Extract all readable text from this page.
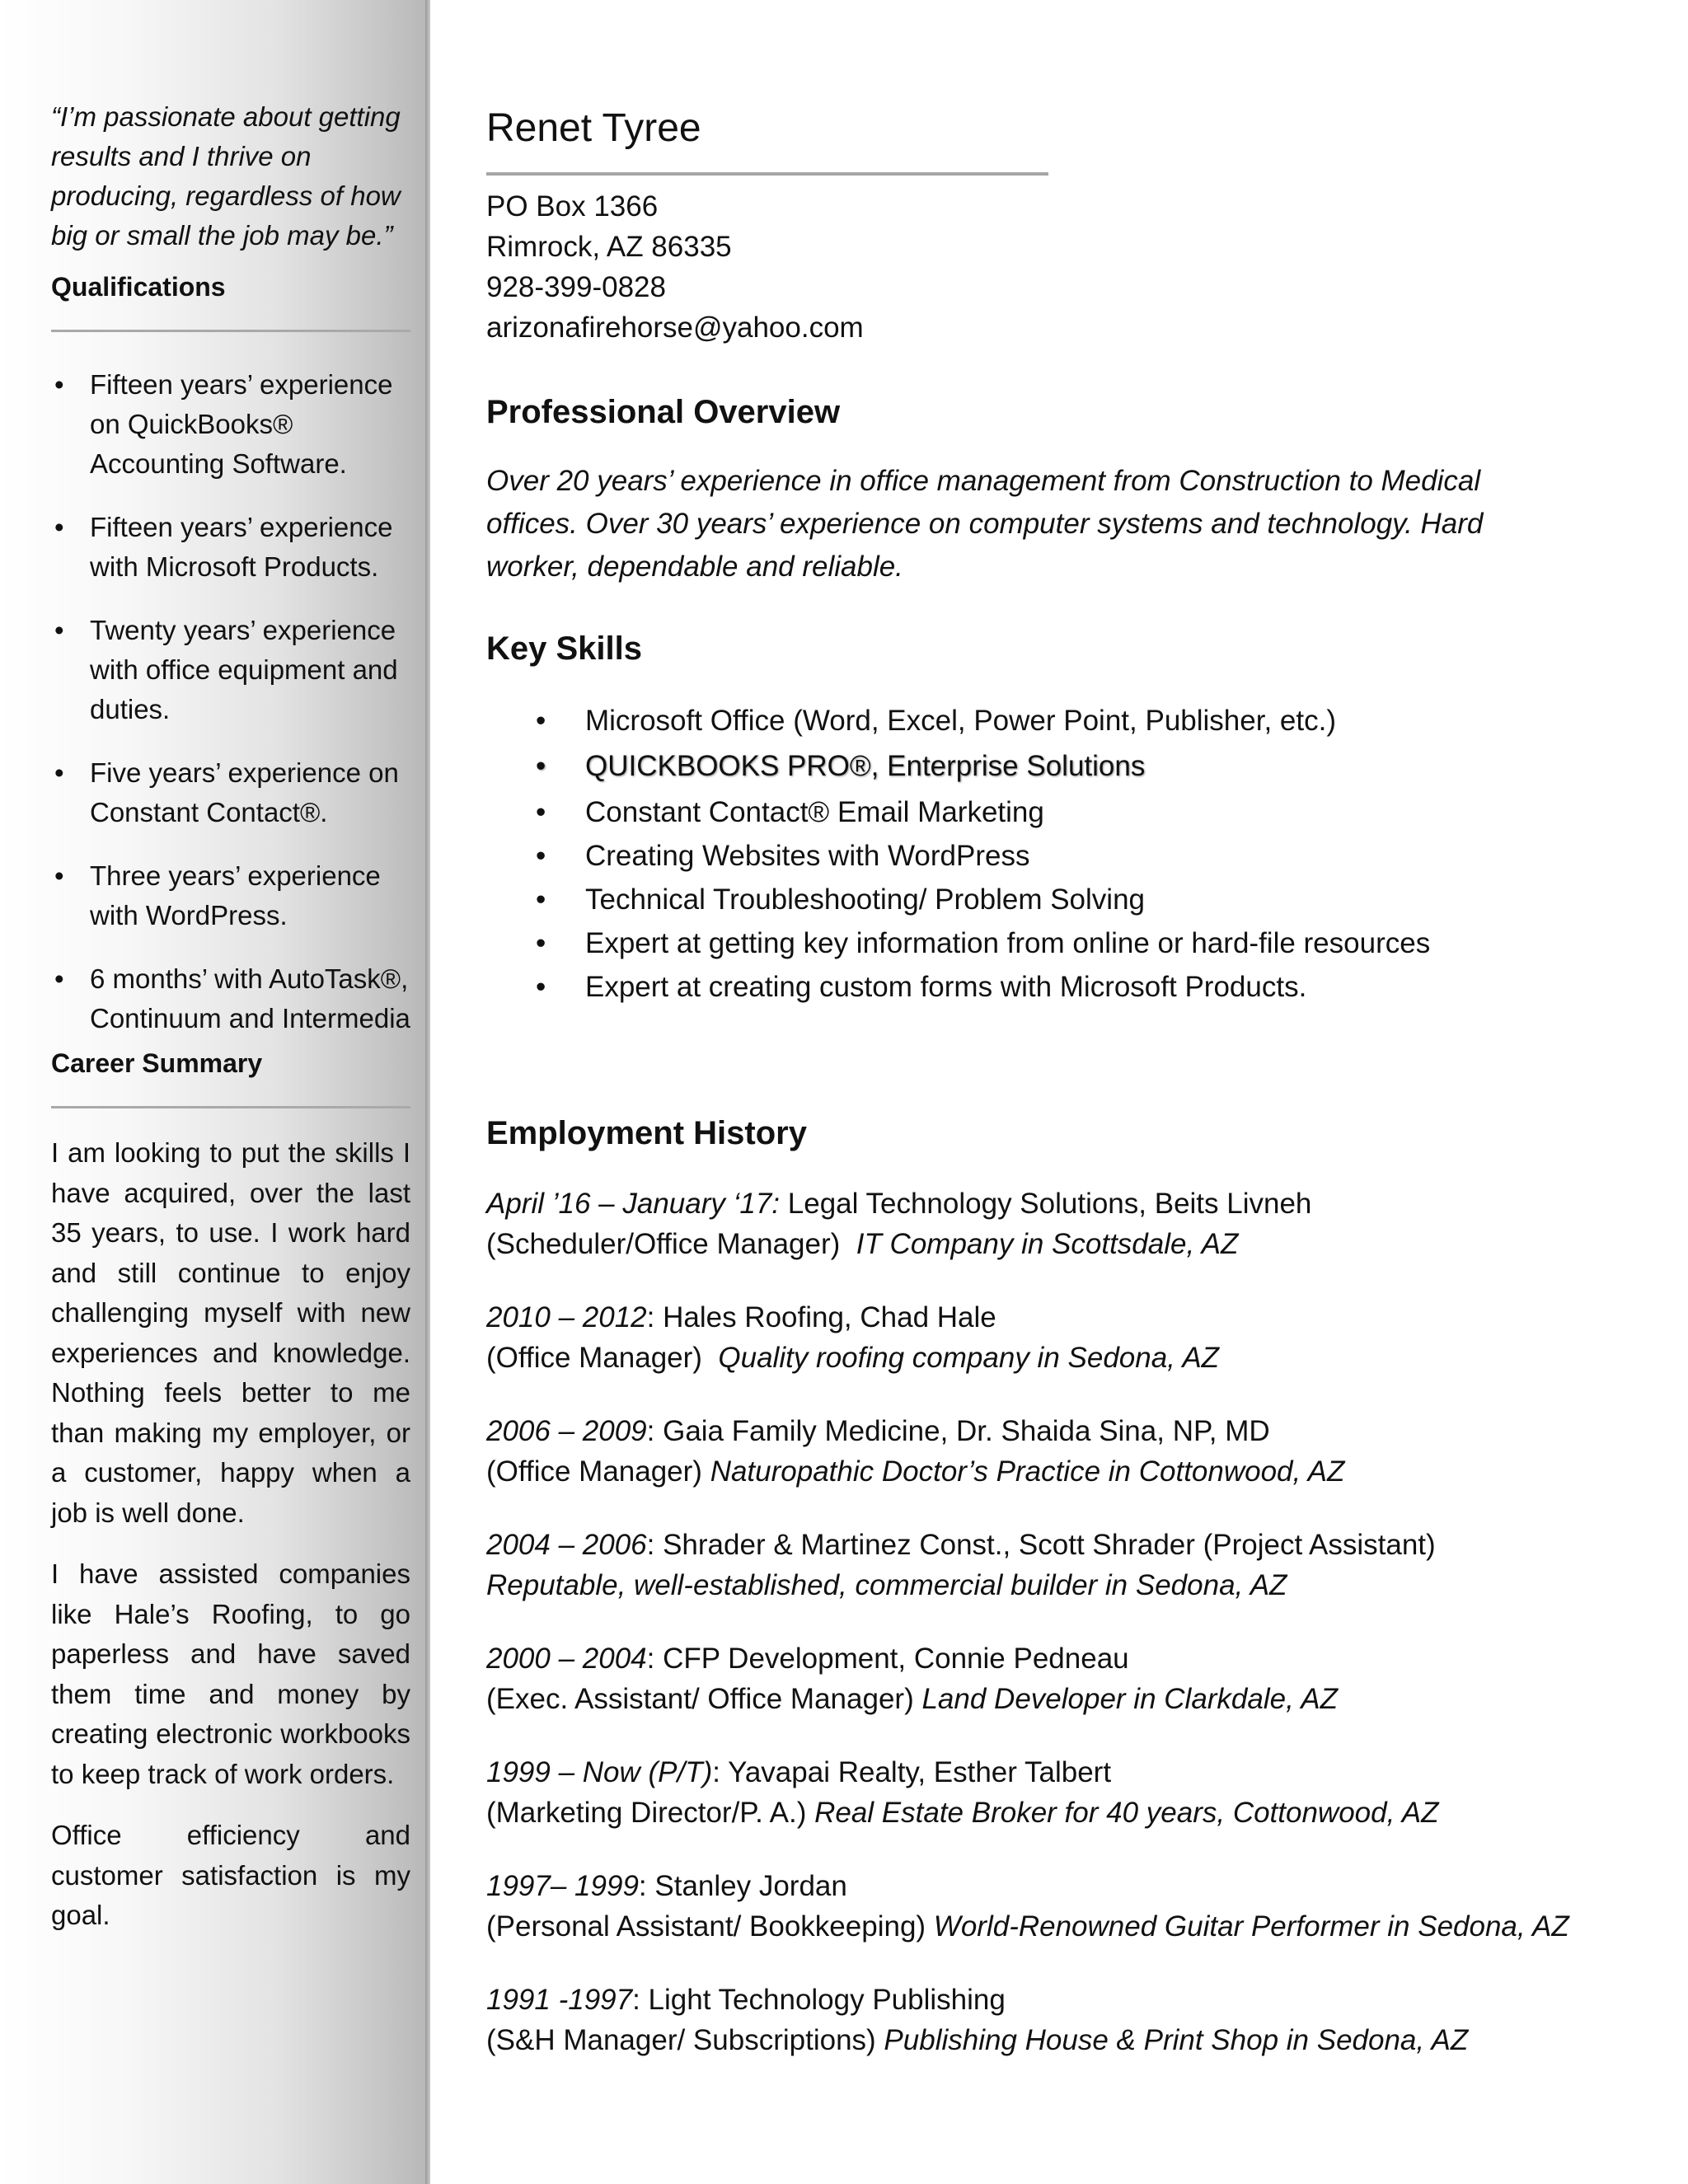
“I’m passionate about getting results and I thrive on producing, regardless of how big or small the job may be.”

Qualifications
• Fifteen years’ experience on QuickBooks® Accounting Software.
• Fifteen years’ experience with Microsoft Products.
• Twenty years’ experience with office equipment and duties.
• Five years’ experience on Constant Contact®.
• Three years’ experience with WordPress.
• 6 months’ with AutoTask®, Continuum and Intermedia
Career Summary

I am looking to put the skills I have acquired, over the last 35 years, to use. I work hard and still continue to enjoy challenging myself with new experiences and knowledge. Nothing feels better to me than making my employer, or a customer, happy when a job is well done.

I have assisted companies like Hale’s Roofing, to go paperless and have saved them time and money by creating electronic workbooks to keep track of work orders.

Office efficiency and customer satisfaction is my goal.

Renet Tyree
PO Box 1366
Rimrock, AZ 86335
928-399-0828
arizonafirehorse@yahoo.com
Professional Overview

Over 20 years’ experience in office management from Construction to Medical offices. Over 30 years’ experience on computer systems and technology. Hard worker, dependable and reliable.

Key Skills
• Microsoft Office (Word, Excel, Power Point, Publisher, etc.)
• QUICKBOOKS PRO®, Enterprise Solutions
• Constant Contact® Email Marketing
• Creating Websites with WordPress
• Technical Troubleshooting/ Problem Solving
• Expert at getting key information from online or hard-file resources
• Expert at creating custom forms with Microsoft Products.
Employment History
April ’16 – January ‘17: Legal Technology Solutions, Beits Livneh
(Scheduler/Office Manager)  IT Company in Scottsdale, AZ
2010 – 2012: Hales Roofing, Chad Hale
(Office Manager)  Quality roofing company in Sedona, AZ
2006 – 2009: Gaia Family Medicine, Dr. Shaida Sina, NP, MD
(Office Manager) Naturopathic Doctor’s Practice in Cottonwood, AZ
2004 – 2006: Shrader & Martinez Const., Scott Shrader (Project Assistant)
Reputable, well-established, commercial builder in Sedona, AZ
2000 – 2004: CFP Development, Connie Pedneau
(Exec. Assistant/ Office Manager) Land Developer in Clarkdale, AZ
1999 – Now (P/T): Yavapai Realty, Esther Talbert
(Marketing Director/P. A.) Real Estate Broker for 40 years, Cottonwood, AZ
1997– 1999: Stanley Jordan
(Personal Assistant/ Bookkeeping) World-Renowned Guitar Performer in Sedona, AZ
1991 -1997: Light Technology Publishing
(S&H Manager/ Subscriptions) Publishing House & Print Shop in Sedona, AZ
